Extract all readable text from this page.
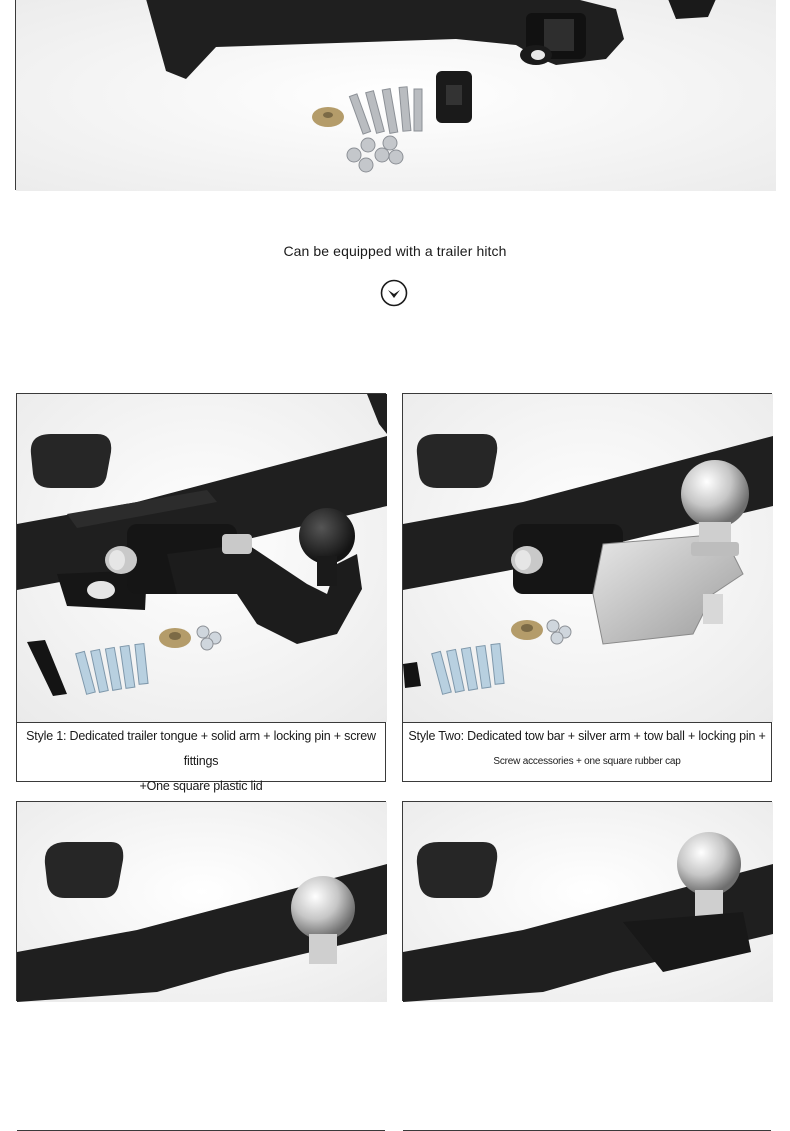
Can be equipped with a trailer hitch
Style 1: Dedicated trailer tongue + solid arm + locking pin + screw fittings
+One square plastic lid
Style Two: Dedicated tow bar + silver arm + tow ball + locking pin +
Screw accessories + one square rubber cap
